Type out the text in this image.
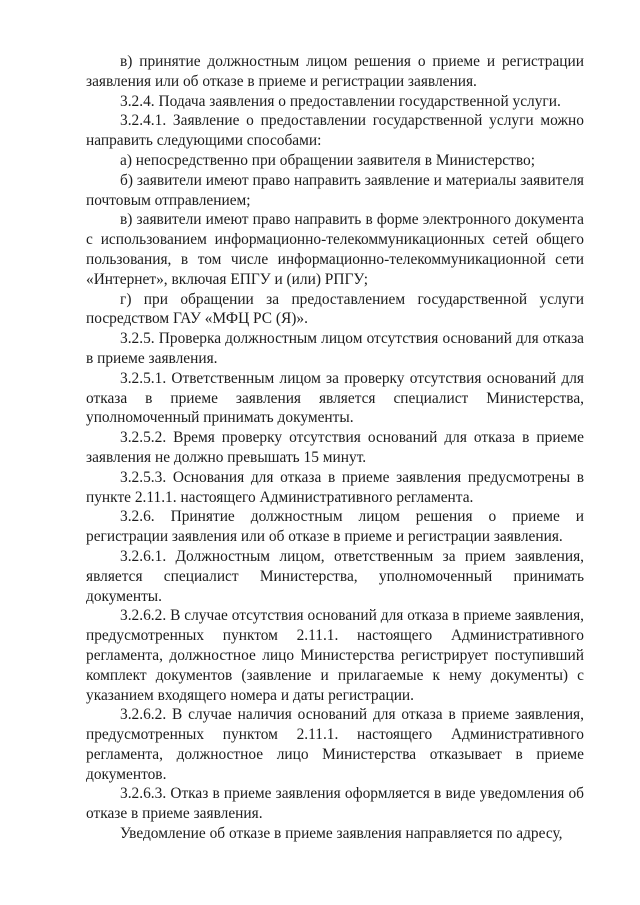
в) принятие должностным лицом решения о приеме и регистрации заявления или об отказе в приеме и регистрации заявления.

3.2.4. Подача заявления о предоставлении государственной услуги.

3.2.4.1. Заявление о предоставлении государственной услуги можно направить следующими способами:

а) непосредственно при обращении заявителя в Министерство;

б) заявители имеют право направить заявление и материалы заявителя почтовым отправлением;

в) заявители имеют право направить в форме электронного документа с использованием информационно-телекоммуникационных сетей общего пользования, в том числе информационно-телекоммуникационной сети «Интернет», включая ЕПГУ и (или) РПГУ;

г) при обращении за предоставлением государственной услуги посредством ГАУ «МФЦ РС (Я)».

3.2.5. Проверка должностным лицом отсутствия оснований для отказа в приеме заявления.

3.2.5.1. Ответственным лицом за проверку отсутствия оснований для отказа в приеме заявления является специалист Министерства, уполномоченный принимать документы.

3.2.5.2. Время проверку отсутствия оснований для отказа в приеме заявления не должно превышать 15 минут.

3.2.5.3. Основания для отказа в приеме заявления предусмотрены в пункте 2.11.1. настоящего Административного регламента.

3.2.6. Принятие должностным лицом решения о приеме и регистрации заявления или об отказе в приеме и регистрации заявления.

3.2.6.1. Должностным лицом, ответственным за прием заявления, является специалист Министерства, уполномоченный принимать документы.

3.2.6.2. В случае отсутствия оснований для отказа в приеме заявления, предусмотренных пунктом 2.11.1. настоящего Административного регламента, должностное лицо Министерства регистрирует поступивший комплект документов (заявление и прилагаемые к нему документы) с указанием входящего номера и даты регистрации.

3.2.6.2. В случае наличия оснований для отказа в приеме заявления, предусмотренных пунктом 2.11.1. настоящего Административного регламента, должностное лицо Министерства отказывает в приеме документов.

3.2.6.3. Отказ в приеме заявления оформляется в виде уведомления об отказе в приеме заявления.

Уведомление об отказе в приеме заявления направляется по адресу,
